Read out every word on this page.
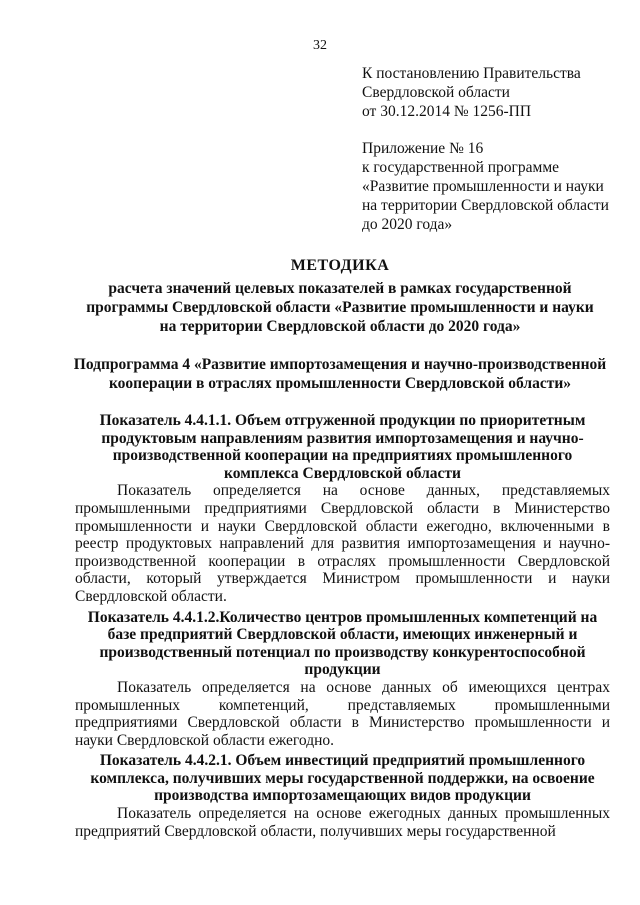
32
К постановлению Правительства
Свердловской области
от 30.12.2014 № 1256-ПП
Приложение № 16
к государственной программе
«Развитие промышленности и науки
на территории Свердловской области
до 2020 года»
МЕТОДИКА
расчета значений целевых показателей в рамках государственной
программы Свердловской области «Развитие промышленности и науки
на территории Свердловской области до 2020 года»
Подпрограмма 4 «Развитие импортозамещения и научно-производственной
кооперации в отраслях промышленности Свердловской области»
Показатель 4.4.1.1. Объем отгруженной продукции по приоритетным продуктовым направлениям развития импортозамещения и научно-производственной кооперации на предприятиях промышленного комплекса Свердловской области
Показатель определяется на основе данных, представляемых промышленными предприятиями Свердловской области в Министерство промышленности и науки Свердловской области ежегодно, включенными в реестр продуктовых направлений для развития импортозамещения и научно-производственной кооперации в отраслях промышленности Свердловской области, который утверждается Министром промышленности и науки Свердловской области.
Показатель 4.4.1.2.Количество центров промышленных компетенций на базе предприятий Свердловской области, имеющих инженерный и производственный потенциал по производству конкурентоспособной продукции
Показатель определяется на основе данных об имеющихся центрах промышленных компетенций, представляемых промышленными предприятиями Свердловской области в Министерство промышленности и науки Свердловской области ежегодно.
Показатель 4.4.2.1. Объем инвестиций предприятий промышленного комплекса, получивших меры государственной поддержки, на освоение производства импортозамещающих видов продукции
Показатель определяется на основе ежегодных данных промышленных предприятий Свердловской области, получивших меры государственной
